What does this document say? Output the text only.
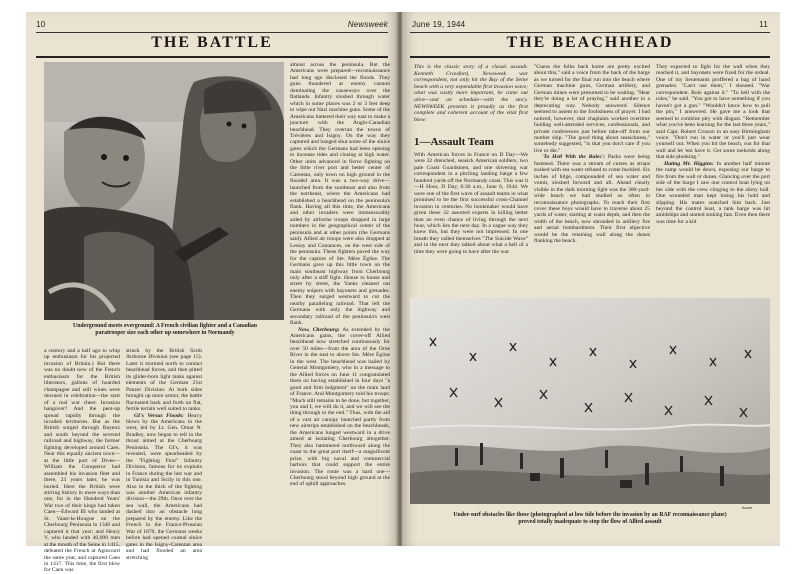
10	Newsweek
THE BATTLE
Underground meets overground: A French civilian fighter and a Canadian
paratrooper size each other up somewhere in Normandy

a century and a half ago to whip up enthusiasm for his projected invasion of Britain.) But there was no doubt now of the French enthusiasm for the British liberators, gallons of hoarded champagne and still wines were downed in celebration—the start of a real war cheer. Invasion hangover? And the pent-up spread rapidly through the invaded territories. But as the British surged through Bayeux and south beyond the severed railroad and highway, the former fighting developed around Caen. Near this equally ancient town—at the little port of Dives—William the Conqueror had assembled his invasion fleet and there, 23 years later, he was buried. Here the British were stirring history in more ways than one, for in the Hundred Years' War two of their kings had taken Caen—Edward III who landed at St. Vaast-la-Hougue on the Cherbourg Peninsula in 1346 and captured it that year; and Henry V, who landed with 40,000 men at the mouth of the Seine in 1415, defeated the French at Agincourt the same year, and captured Caen in 1417. This time, the first blow for Caen was

struck by the British Sixth Airborne Division (see page 15). Later it stormed north to contact beachhead forces, and then pitted its glider-born light tanks against elements of the German 21st Panzer Division. At both sides brought up more armor, the battle fluctuated back and forth on flat, fertile terrain well suited to tanks.

GI's Versus Floods: Heavy blows by the Americans in the west, led by Lt. Gen. Omar N. Bradley, now began to tell in the thrust aimed at the Cherbourg Peninsula. The GI's, it was revealed, were spearheaded by the "Fighting First" Infantry Division, famous for its exploits in France during the last war and in Tunisia and Sicily in this one. Also in the thick of the fighting was another American infantry division—the 29th. Once over the sea wall, the Americans had dashed into an obstacle long prepared by the enemy. Like the French in the Franco-Prussian War of 1870, the Germans weeks before had opened coastal sluice gates in the Isigny-Carentan area and had flooded an area stretching

almost across the peninsula. But the Americans were prepared—reconnaissance had long ago disclosed the floods. They guns thundered at enemy cannon dominating the causeways over the flatlands. Infantry sloshed through water which in some places was 2 or 3 feet deep to wipe out Nazi machine guns. Some of the Americans battered their way east to make a juncture with the Anglo-Canadian beachhead. They overran the towns of Trévières and Isigny. On the way they captured and hanged shut some of the sluice gates which the Germans had been opening to increase tides and closing at high water. Other units advanced in fierce fighting on the little river port and better center of Carentan, only town on high ground in the flooded area. It was a two-way drive—launched from the southeast and also from the northeast, where the Americans had established a beachhead on the peninsula's flank. Having all this time, the Americans and other invaders were immeasurably aided by airborne troops dropped in large numbers in the geographical center of the peninsula and at other points (the Germans said). Allied air troops were also dropped at Lessay and Coutances, on the west side of the peninsula. These fighters paved the way for the capture of Ste. Mère Église. The Germans gave up this little town on the main southeast highway from Cherbourg only after a stiff fight. House to house and street by street, the Yanks cleaned out enemy snipers with bayonets and grenades. Then they surged westward to cut the nearby paralleling railroad. That left the Germans with only the highway and secondary railroad of the peninsula's west flank.

Now, Cherbourg: As extended by the Americans gains, the cover-off Allied beachhead now stretched continuously for over 50 miles—from the area of the Orne River in the east to above Ste. Mère Église in the west. The beachhead was hailed by General Montgomery, who in a message to the Allied forces on June 11 congratulated them on having established in four days "a good and firm lodgment" on the main land of France. And Montgomery told his troops: "Much still remains to be done, but together, you and I, we will do it, and we will see the thing through to the end." Thus, with the aid of a vast air canopy launched partly from new airstrips established on the beachheads, the Americans lunged westward in a drive aimed at isolating Cherbourg altogether. They also hammered northward along the coast to the great port itself—a magnificent prize, with big naval and commercial harbors that could support the entire invasion. The route was a hard one—Cherbourg stood beyond high ground at the end of uphill approaches.

June 19, 1944	11
THE BEACHHEAD
This is the classic story of a classic assault. Kenneth Crawford, Newsweek war correspondent, not only hit the Bay of the Seine beach with a very expendable first invasion wave; what was vastly more important, he came out alive—and on schedule—with the story. NEWSWEEK presents it proudly as the first complete and coherent account of the vital first blow:
1—Assault Team

With American forces in France on D Day—We were 32 drenched, seasick American soldiers, two pale Coast Guardsmen, and one shivering war correspondent in a pitching landing barge a few hundred yards off the Normandy coast. This was it—H Hour, D Day, 6:30 a.m., June 6, 1944. We were one of the first wave of assault teams in what promised to be the first successful cross-Channel invasion in centuries. No bookmaker would have given these 32 assorted experts in killing better than an even chance of living through the next hour, which lies the next day. In a vague way they knew this, but they were not impressed. In one breath they called themselves "The Suicide Wave" and in the next they talked about what a hell of a time they were going to have after the war.

"Guess the folks back home are pretty excited about this," said a voice from the back of the barge as we turned for the final run into the beach where German machine guns, German artillery, and German mines were presumed to be waiting. "Hear they're doing a lot of praying," said another in a deprecating way. Nobody answered. Silence seemed to assent to the foolishness of prayer. I had noticed, however, that chaplains worked overtime holding well-attended services, confessionals, and private conferences just before take-off from our mother ship. "The good thing about seasickness," somebody suggested, "is that you don't care if you live or die."

'To Hell With the Bales': Packs were being fastened. There was a stream of curses as straps soaked with sea water refused to come buckled. Six inches of bilge, compounded of sea water and vomit, sloshed forward and aft. Ahead clearly visible in the dark morning light was the 300-yard-wide beach we had studied so often in reconnaissance photographs. To reach their first cover these boys would have to traverse about 25 yards of water, starting at waist depth, and then the width of the beach, now shrouded in artillery fire and aerial bombardment. Their first objective would be the retaining wall along the dunes flanking the beach.

They expected to fight for the wall when they reached it, and bayonets were fixed for the ordeal. One of my lieutenants proffered a bag of hand grenades. "Can't use them," I shouted. "War correspondent. Rule against it." "To hell with the rules," he said. "You got to have something if you haven't got a gun." "Wouldn't know how to pull the pin," I answered. He gave me a look that seemed to combine pity with disgust. "Remember what you've been learning for the last three years," said Capt. Robert Crisson in an easy Birmingham voice. "Don't run in water or you'll just wear yourself out. When you hit the beach, run for that wall and let 'em have it. Get some toeholds along that side plunking."

Hating Mr. Higgins: In another half minute the ramp would be down, exposing our barge to fire from the wall or dunes. Glancing over the port side of the barge I saw one control boat lying on her side with the crew clinging to the slimy hull. One wounded man kept losing his hold and slipping. His mates snatched him back. Just beyond the control boat, a tank barge was hit amidships and started sinking fast. Even then there was time for a kid

Acme
Under-surf obstacles like these (photographed at low tide before the invasion by an RAF reconnaissance plane)
proved totally inadequate to stop the flow of Allied assault
